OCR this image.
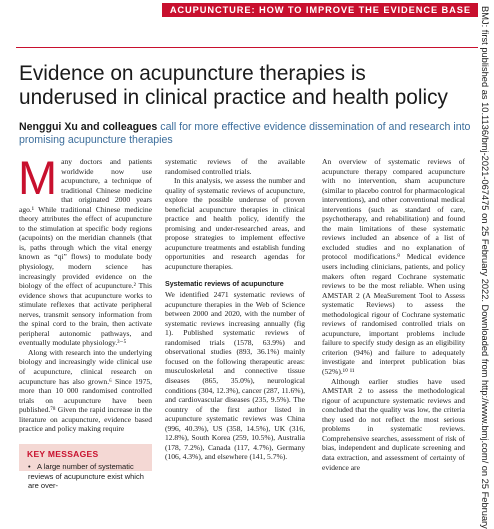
ACUPUNCTURE: HOW TO IMPROVE THE EVIDENCE BASE
Evidence on acupuncture therapies is underused in clinical practice and health policy

Nenggui Xu and colleagues call for more effective evidence dissemination of and research into promising acupuncture therapies

Many doctors and patients worldwide now use acupuncture, a technique of traditional Chinese medicine that originated 2000 years ago.¹ While traditional Chinese medicine theory attributes the effect of acupuncture to the stimulation at specific body regions (acupoints) on the meridian channels (that is, paths through which the vital energy known as “qi” flows) to modulate body physiology, modern science has increasingly provided evidence on the biology of the effect of acupuncture.² This evidence shows that acupuncture works to stimulate reflexes that activate peripheral nerves, transmit sensory information from the spinal cord to the brain, then activate peripheral autonomic pathways, and eventually modulate physiology.³⁻⁵

Along with research into the underlying biology and increasingly wide clinical use of acupuncture, clinical research on acupuncture has also grown.⁶ Since 1975, more than 10 000 randomised controlled trials on acupuncture have been published.⁷⁸ Given the rapid increase in the literature on acupuncture, evidence based practice and policy making require

systematic reviews of the available randomised controlled trials.

In this analysis, we assess the number and quality of systematic reviews of acupuncture, explore the possible underuse of proven beneficial acupuncture therapies in clinical practice and health policy, identify the promising and under-researched areas, and propose strategies to implement effective acupuncture treatments and establish funding opportunities and research agendas for acupuncture therapies.

Systematic reviews of acupuncture

We identified 2471 systematic reviews of acupuncture therapies in the Web of Science between 2000 and 2020, with the number of systematic reviews increasing annually (fig 1). Published systematic reviews of randomised trials (1578, 63.9%) and observational studies (893, 36.1%) mainly focused on the following therapeutic areas: musculoskeletal and connective tissue diseases (865, 35.0%), neurological conditions (304, 12.3%), cancer (287, 11.6%), and cardiovascular diseases (235, 9.5%). The country of the first author listed in acupuncture systematic reviews was China (996, 40.3%), US (358, 14.5%), UK (316, 12.8%), South Korea (259, 10.5%), Australia (178, 7.2%), Canada (117, 4.7%), Germany (106, 4.3%), and elsewhere (141, 5.7%).

An overview of systematic reviews of acupuncture therapy compared acupuncture with no intervention, sham acupuncture (similar to placebo control for pharmacological interventions), and other conventional medical interventions (such as standard of care, psychotherapy, and rehabilitation) and found the main limitations of these systematic reviews included an absence of a list of excluded studies and no explanation of protocol modifications.⁹ Medical evidence users including clinicians, patients, and policy makers often regard Cochrane systematic reviews to be the most reliable. When using AMSTAR 2 (A MeaSurement Tool to Assess systematic Reviews) to assess the methodological rigour of Cochrane systematic reviews of randomised controlled trials on acupuncture, important problems include failure to specify study design as an eligibility criterion (94%) and failure to adequately investigate and interpret publication bias (52%).¹⁰ ¹¹

Although earlier studies have used AMSTAR 2 to assess the methodological rigour of acupuncture systematic reviews and concluded that the quality was low, the criteria they used do not reflect the most serious problems in systematic reviews. Comprehensive searches, assessment of risk of bias, independent and duplicate screening and data extraction, and assessment of certainty of evidence are

KEY MESSAGES
• A large number of systematic reviews of acupuncture exist which are over-	BMJ: first published as 10.1136/bmj-2021-067475 on 25 February 2022. Downloaded from http://www.bmj.com/ on 25 February
